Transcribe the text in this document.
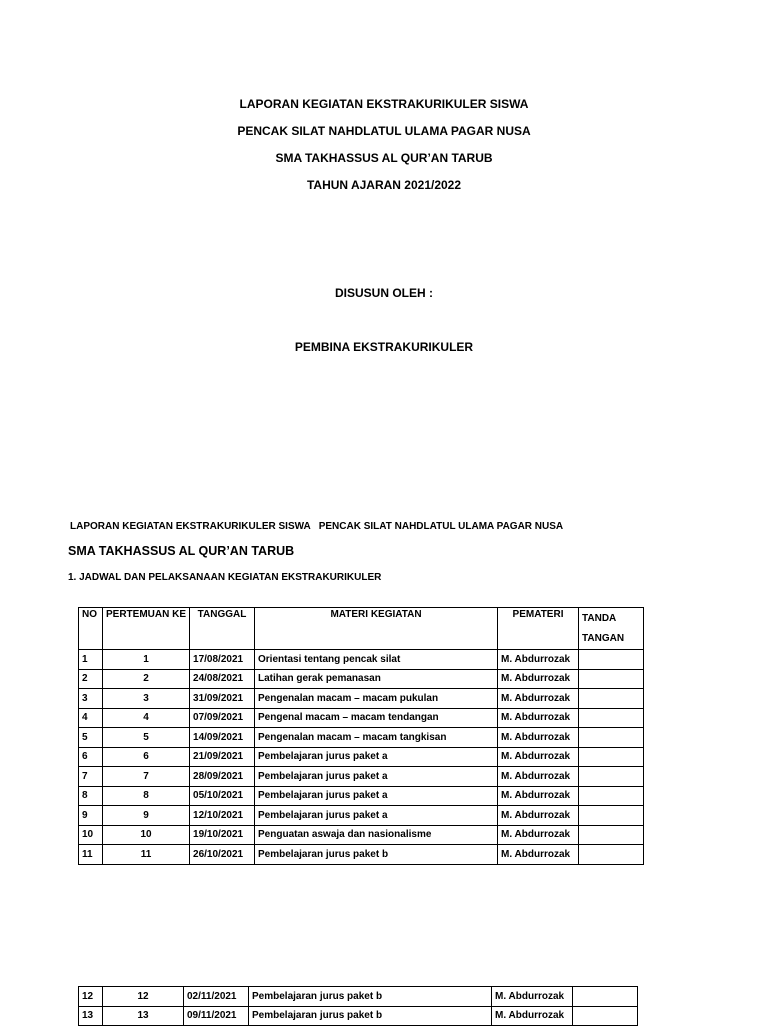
LAPORAN KEGIATAN EKSTRAKURIKULER SISWA
PENCAK SILAT NAHDLATUL ULAMA PAGAR NUSA
SMA TAKHASSUS AL QUR’AN TARUB
TAHUN AJARAN 2021/2022
DISUSUN OLEH :
PEMBINA EKSTRAKURIKULER
LAPORAN KEGIATAN EKSTRAKURIKULER SISWA   PENCAK SILAT NAHDLATUL ULAMA PAGAR NUSA
SMA TAKHASSUS AL QUR’AN TARUB
1. JADWAL DAN PELAKSANAAN KEGIATAN EKSTRAKURIKULER
NO	PERTEMUAN KE	TANGGAL	MATERI KEGIATAN	PEMATERI	TANDA
TANGAN
1	1	17/08/2021	Orientasi tentang pencak silat	M. Abdurrozak	
2	2	24/08/2021	Latihan gerak pemanasan	M. Abdurrozak	
3	3	31/09/2021	Pengenalan macam – macam pukulan	M. Abdurrozak	
4	4	07/09/2021	Pengenal macam – macam tendangan	M. Abdurrozak	
5	5	14/09/2021	Pengenalan macam – macam tangkisan	M. Abdurrozak	
6	6	21/09/2021	Pembelajaran jurus paket a	M. Abdurrozak	
7	7	28/09/2021	Pembelajaran jurus paket a	M. Abdurrozak	
8	8	05/10/2021	Pembelajaran jurus paket a	M. Abdurrozak	
9	9	12/10/2021	Pembelajaran jurus paket a	M. Abdurrozak	
10	10	19/10/2021	Penguatan aswaja dan nasionalisme	M. Abdurrozak	
11	11	26/10/2021	Pembelajaran jurus paket b	M. Abdurrozak	
12	12	02/11/2021	Pembelajaran jurus paket b	M. Abdurrozak	
13	13	09/11/2021	Pembelajaran jurus paket b	M. Abdurrozak	
